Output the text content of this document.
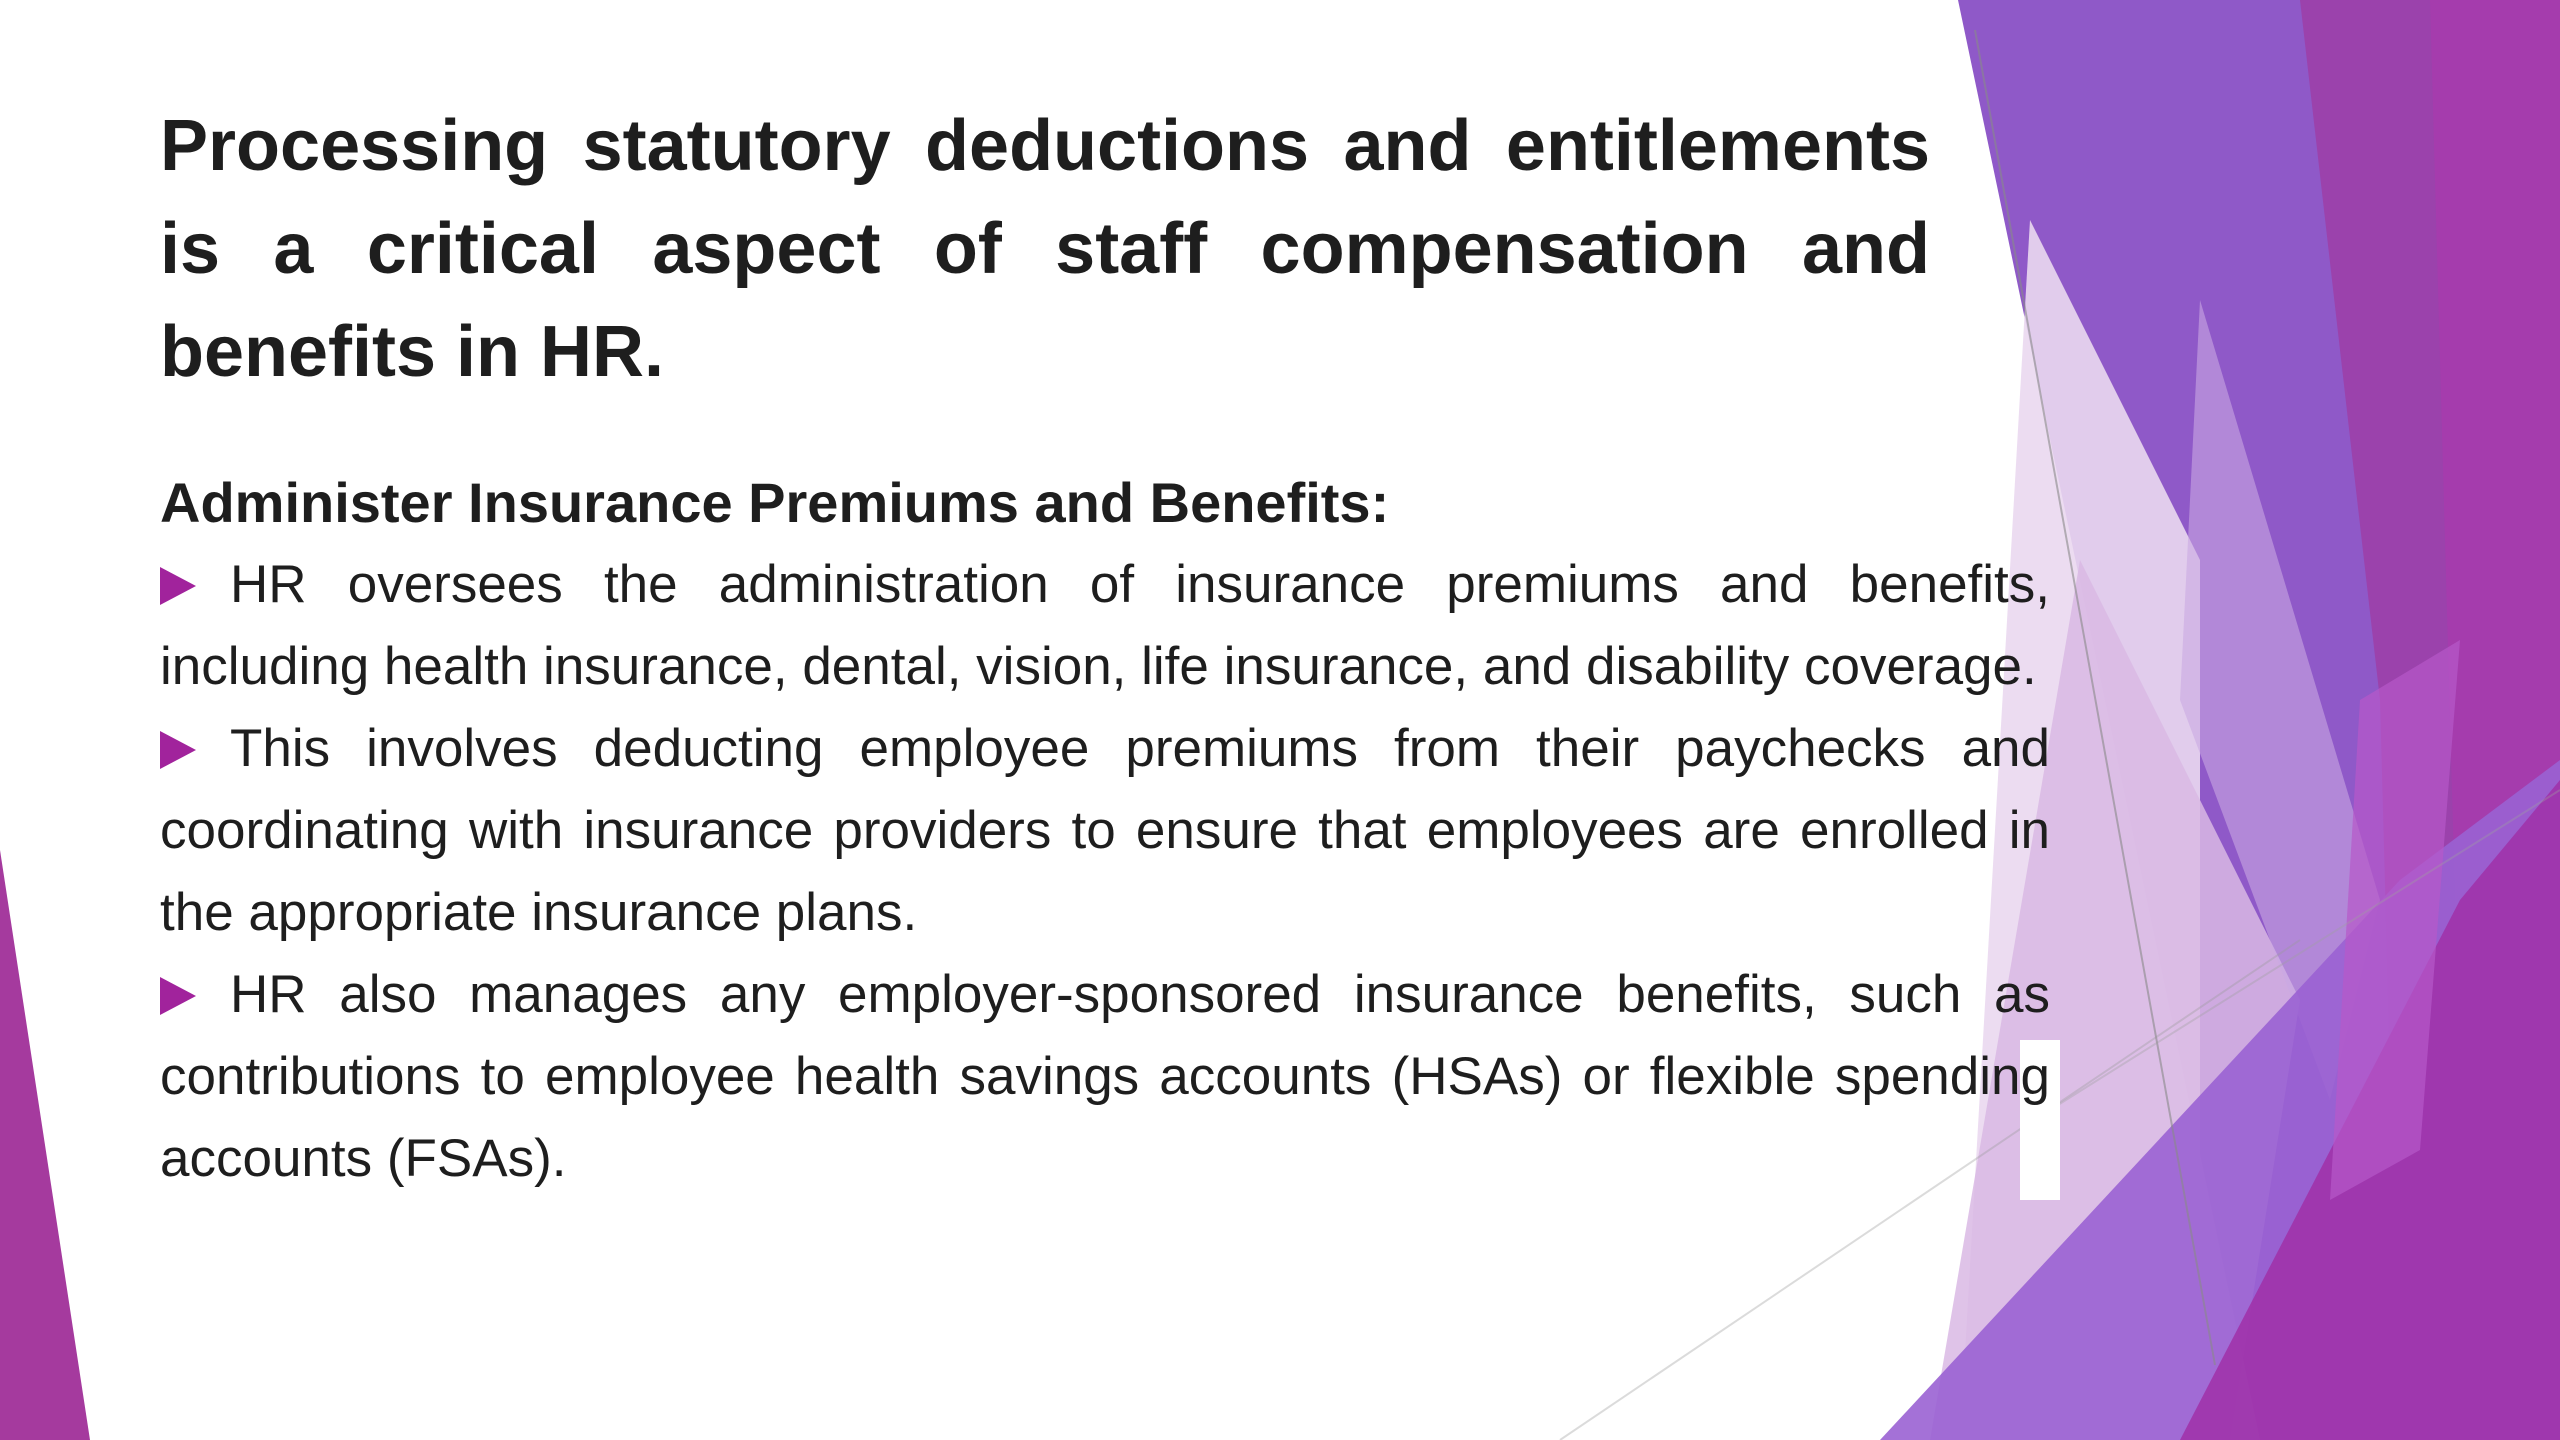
Processing statutory deductions and entitlements is a critical aspect of staff compensation and benefits in HR.

Administer Insurance Premiums and Benefits:

HR oversees the administration of insurance premiums and benefits, including health insurance, dental, vision, life insurance, and disability coverage.
This involves deducting employee premiums from their paychecks and coordinating with insurance providers to ensure that employees are enrolled in the appropriate insurance plans.
HR also manages any employer-sponsored insurance benefits, such as contributions to employee health savings accounts (HSAs) or flexible spending accounts (FSAs).
